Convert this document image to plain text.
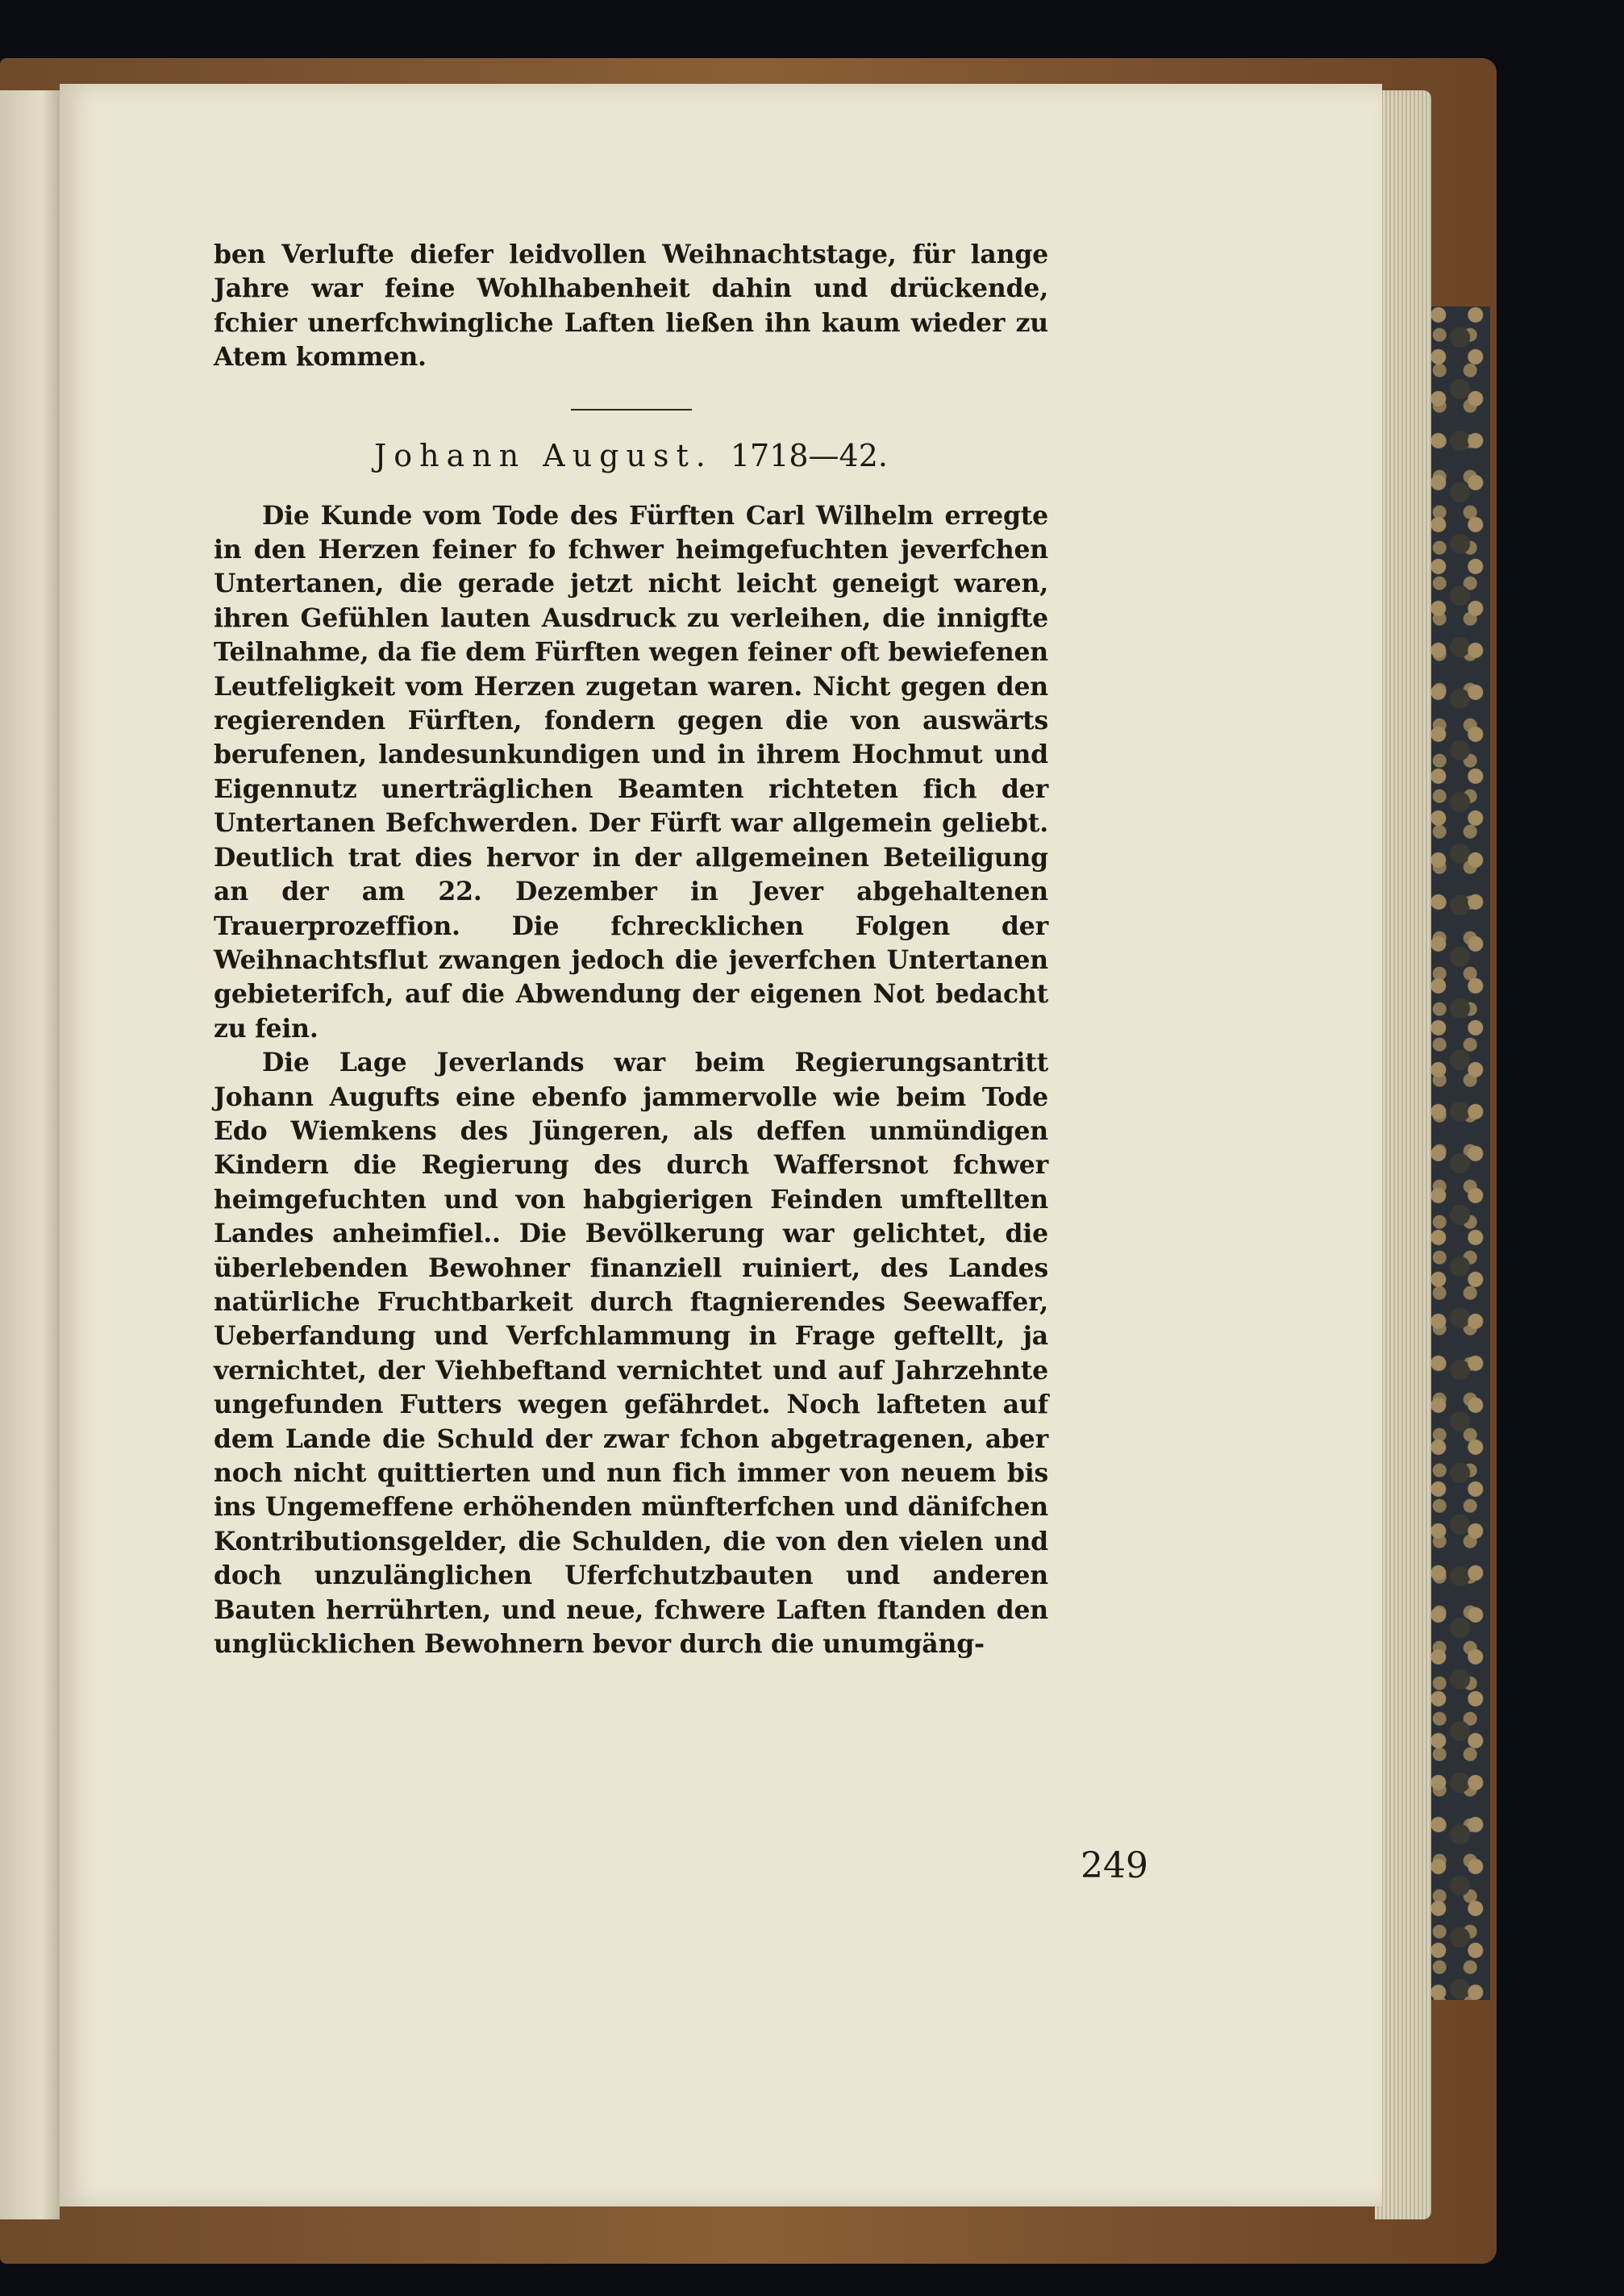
ben Verlufte diefer leidvollen Weihnachtstage, für lange Jahre war feine Wohlhabenheit dahin und drückende, fchier unerfchwingliche Laften ließen ihn kaum wieder zu Atem kommen.

Johann August. 1718—42.

Die Kunde vom Tode des Fürften Carl Wilhelm erregte in den Herzen feiner fo fchwer heimgefuchten jeverfchen Untertanen, die gerade jetzt nicht leicht geneigt waren, ihren Gefühlen lauten Ausdruck zu verleihen, die innigfte Teilnahme, da fie dem Fürften wegen feiner oft bewiefenen Leutfeligkeit vom Herzen zugetan waren. Nicht gegen den regierenden Fürften, fondern gegen die von auswärts berufenen, landesunkundigen und in ihrem Hochmut und Eigennutz unerträglichen Beamten richteten fich der Untertanen Befchwerden. Der Fürft war allgemein geliebt. Deutlich trat dies hervor in der allgemeinen Beteiligung an der am 22. Dezember in Jever abgehaltenen Trauerprozeffion. Die fchrecklichen Folgen der Weihnachtsflut zwangen jedoch die jeverfchen Untertanen gebieterifch, auf die Abwendung der eigenen Not bedacht zu fein.

Die Lage Jeverlands war beim Regierungsantritt Johann Augufts eine ebenfo jammervolle wie beim Tode Edo Wiemkens des Jüngeren, als deffen unmündigen Kindern die Regierung des durch Waffersnot fchwer heimgefuchten und von habgierigen Feinden umftellten Landes anheimfiel.. Die Bevölkerung war gelichtet, die überlebenden Bewohner finanziell ruiniert, des Landes natürliche Fruchtbarkeit durch ftagnierendes Seewaffer, Ueberfandung und Verfchlammung in Frage geftellt, ja vernichtet, der Viehbeftand vernichtet und auf Jahrzehnte ungefunden Futters wegen gefährdet. Noch lafteten auf dem Lande die Schuld der zwar fchon abgetragenen, aber noch nicht quittierten und nun fich immer von neuem bis ins Ungemeffene erhöhenden münfterfchen und dänifchen Kontributionsgelder, die Schulden, die von den vielen und doch unzulänglichen Uferfchutzbauten und anderen Bauten herrührten, und neue, fchwere Laften ftanden den unglücklichen Bewohnern bevor durch die unumgäng-

249
